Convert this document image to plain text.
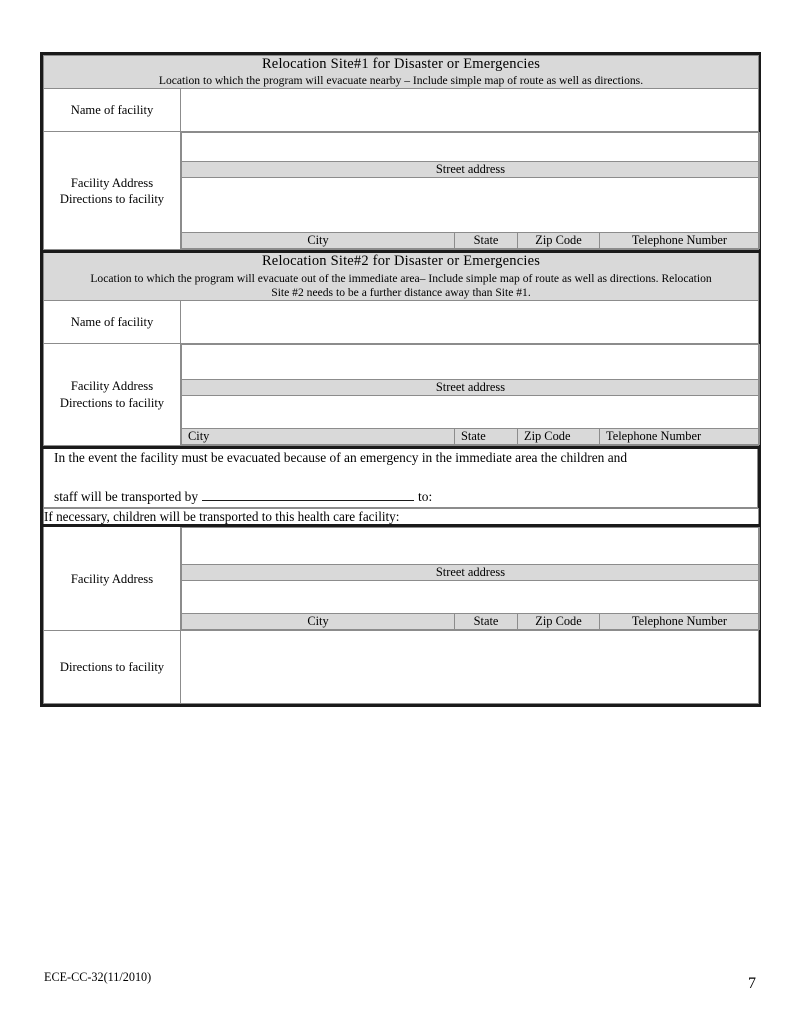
Relocation Site#1 for Disaster or Emergencies
Location to which the program will evacuate nearby – Include simple map of route as well as directions.

Name of facility	

Facility Address
Directions to facility

Street address

City	State	Zip Code	Telephone Number
Relocation Site#2 for Disaster or Emergencies
Location to which the program will evacuate out of the immediate area– Include simple map of route as well as directions. Relocation
Site #2 needs to be a further distance away than Site #1.

Name of facility	

Facility Address
Directions to facility

Street address

City	State	Zip Code	Telephone Number
In the event the facility must be evacuated because of an emergency in the immediate area the children and
staff will be transported by	to:
If necessary, children will be transported to this health care facility:
Facility Address		Street address

City	State	Zip Code	Telephone Number

Directions to facility	
ECE-CC-32(11/2010)	7
